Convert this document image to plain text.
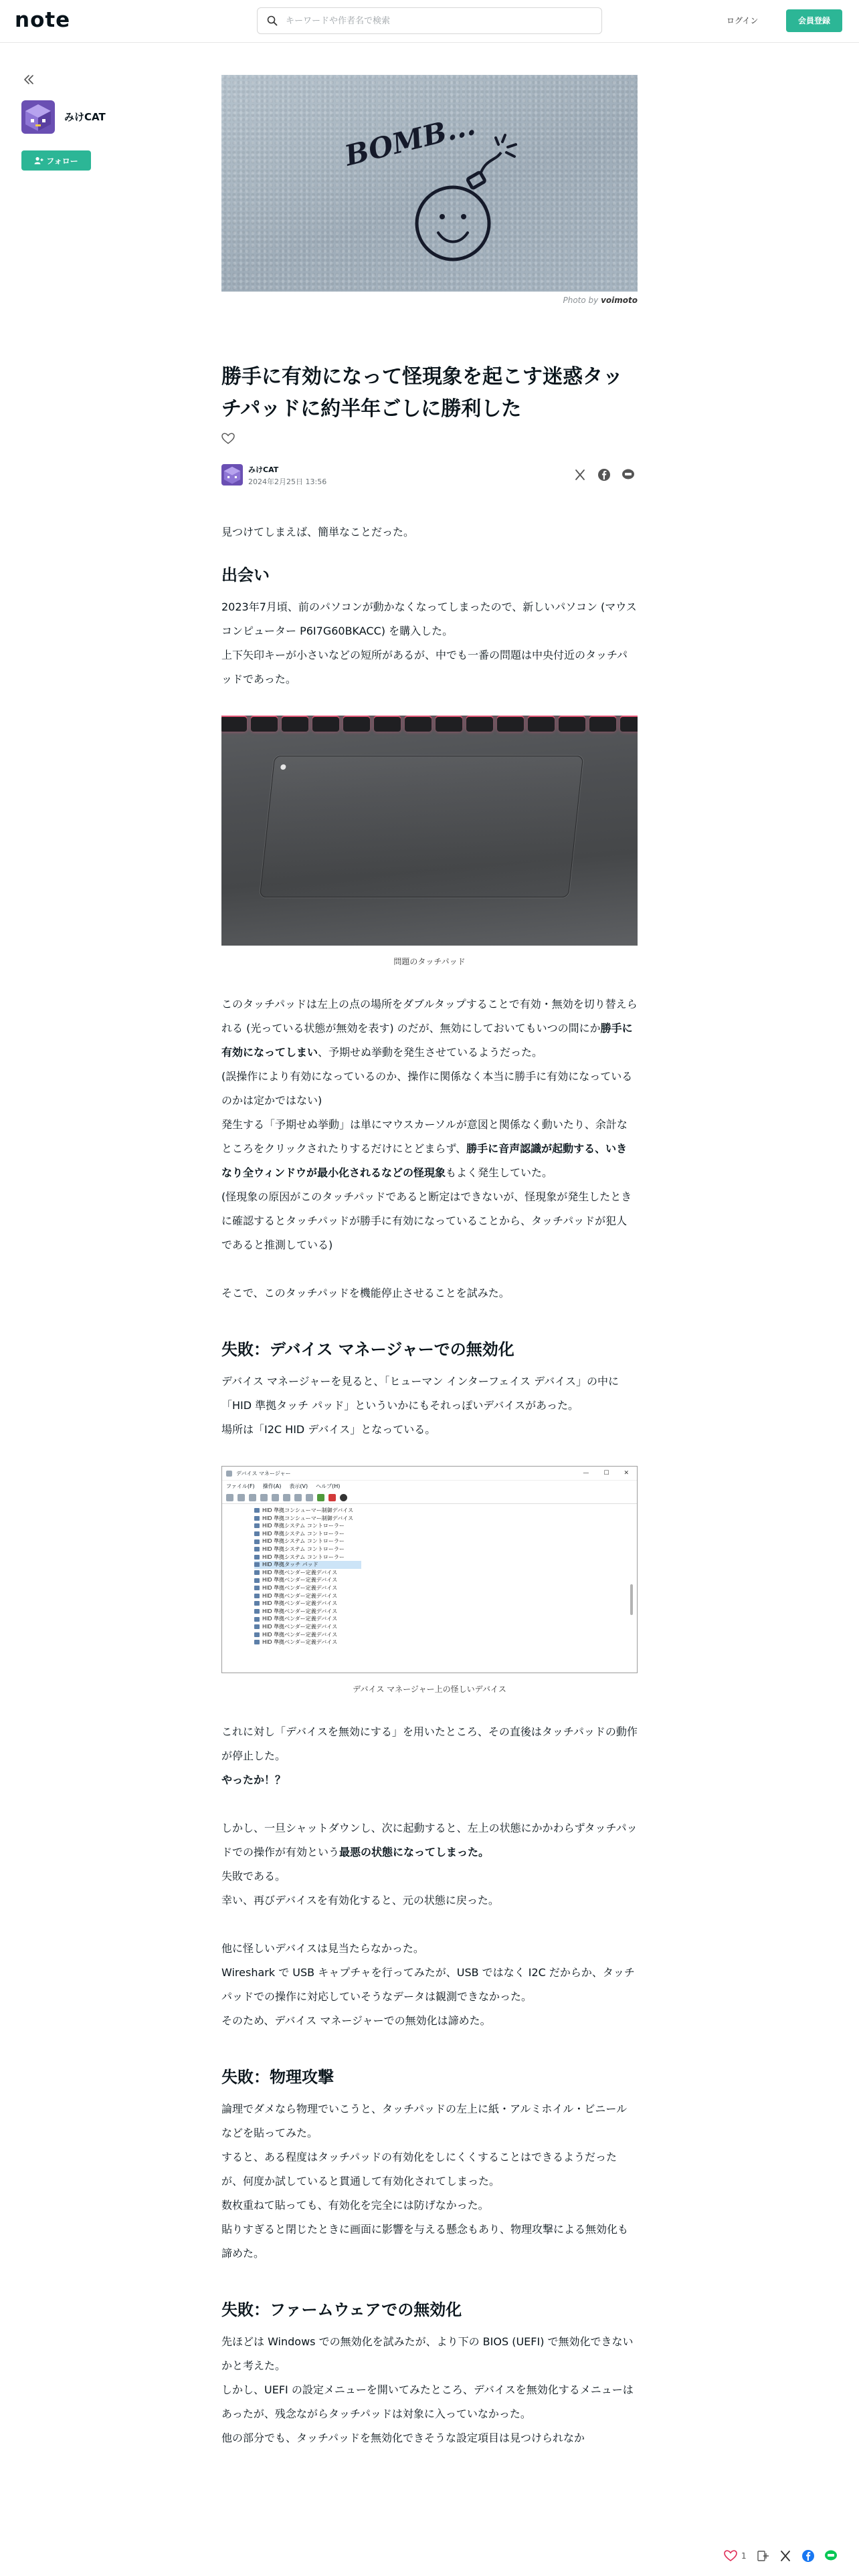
note
キーワードや作者名で検索	ログイン	会員登録
みけCAT
フォロー	BOMB...
Photo by voimoto
勝手に有効になって怪現象を起こす迷惑タッチパッドに約半年ごしに勝利した
みけCAT
2024年2月25日 13:56

見つけてしまえば、簡単なことだった。

出会い

2023年7月頃、前のパソコンが動かなくなってしまったので、新しいパソコン (マウスコンピューター P6I7G60BKACC) を購入した。

上下矢印キーが小さいなどの短所があるが、中でも一番の問題は中央付近のタッチパッドであった。

問題のタッチパッド

このタッチパッドは左上の点の場所をダブルタップすることで有効・無効を切り替えられる (光っている状態が無効を表す) のだが、無効にしておいてもいつの間にか勝手に有効になってしまい、予期せぬ挙動を発生させているようだった。

(誤操作により有効になっているのか、操作に関係なく本当に勝手に有効になっているのかは定かではない)

発生する「予期せぬ挙動」は単にマウスカーソルが意図と関係なく動いたり、余計なところをクリックされたりするだけにとどまらず、勝手に音声認識が起動する、いきなり全ウィンドウが最小化されるなどの怪現象もよく発生していた。

(怪現象の原因がこのタッチパッドであると断定はできないが、怪現象が発生したときに確認するとタッチパッドが勝手に有効になっていることから、タッチパッドが犯人であると推測している)

そこで、このタッチパッドを機能停止させることを試みた。

失敗：デバイス マネージャーでの無効化

デバイス マネージャーを見ると、「ヒューマン インターフェイス デバイス」の中に「HID 準拠タッチ パッド」といういかにもそれっぽいデバイスがあった。

場所は「I2C HID デバイス」となっている。

デバイス マネージャー	— ☐ ✕
ファイル(F) 操作(A) 表示(V) ヘルプ(H)
HID 準拠コンシューマー制御デバイス
HID 準拠コンシューマー制御デバイス
HID 準拠システム コントローラー
HID 準拠システム コントローラー
HID 準拠システム コントローラー
HID 準拠システム コントローラー
HID 準拠システム コントローラー
HID 準拠タッチ パッド
HID 準拠ベンダー定義デバイス
HID 準拠ベンダー定義デバイス
HID 準拠ベンダー定義デバイス
HID 準拠ベンダー定義デバイス
HID 準拠ベンダー定義デバイス
HID 準拠ベンダー定義デバイス
HID 準拠ベンダー定義デバイス
HID 準拠ベンダー定義デバイス
HID 準拠ベンダー定義デバイス
HID 準拠ベンダー定義デバイス
デバイス マネージャー上の怪しいデバイス

これに対し「デバイスを無効にする」を用いたところ、その直後はタッチパッドの動作が停止した。

やったか！？

しかし、一旦シャットダウンし、次に起動すると、左上の状態にかかわらずタッチパッドでの操作が有効という最悪の状態になってしまった。

失敗である。

幸い、再びデバイスを有効化すると、元の状態に戻った。

他に怪しいデバイスは見当たらなかった。

Wireshark で USB キャプチャを行ってみたが、USB ではなく I2C だからか、タッチパッドでの操作に対応していそうなデータは観測できなかった。

そのため、デバイス マネージャーでの無効化は諦めた。

失敗：物理攻撃

論理でダメなら物理でいこうと、タッチパッドの左上に紙・アルミホイル・ビニールなどを貼ってみた。

すると、ある程度はタッチパッドの有効化をしにくくすることはできるようだったが、何度か試していると貫通して有効化されてしまった。

数枚重ねて貼っても、有効化を完全には防げなかった。

貼りすぎると閉じたときに画面に影響を与える懸念もあり、物理攻撃による無効化も諦めた。

失敗：ファームウェアでの無効化

先ほどは Windows での無効化を試みたが、より下の BIOS (UEFI) で無効化できないかと考えた。

しかし、UEFI の設定メニューを開いてみたところ、デバイスを無効化するメニューはあったが、残念ながらタッチパッドは対象に入っていなかった。

他の部分でも、タッチパッドを無効化できそうな設定項目は見つけられなか

1
